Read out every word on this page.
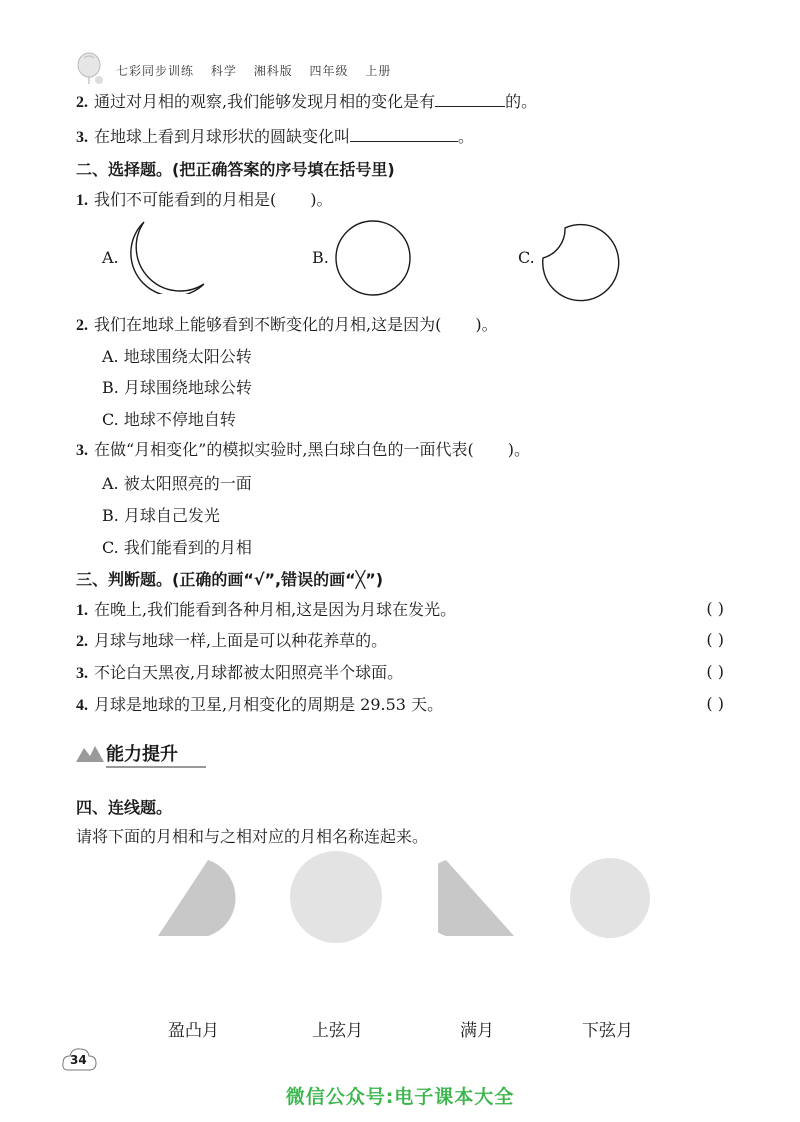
七彩同步训练 科学 湘科版 四年级 上册
2. 通过对月相的观察,我们能够发现月相的变化是有	的。
3. 在地球上看到月球形状的圆缺变化叫	。
二、选择题。(把正确答案的序号填在括号里)
1. 我们不可能看到的月相是( )。
A.	B.	C.
2. 我们在地球上能够看到不断变化的月相,这是因为( )。
A. 地球围绕太阳公转
B. 月球围绕地球公转
C. 地球不停地自转
3. 在做“月相变化”的模拟实验时,黑白球白色的一面代表( )。
A. 被太阳照亮的一面
B. 月球自己发光
C. 我们能看到的月相
三、判断题。(正确的画“√”,错误的画“╳”)
1. 在晚上,我们能看到各种月相,这是因为月球在发光。	( )
2. 月球与地球一样,上面是可以种花养草的。	( )
3. 不论白天黑夜,月球都被太阳照亮半个球面。	( )
4. 月球是地球的卫星,月相变化的周期是 29.53 天。	( )
能力提升
四、连线题。
请将下面的月相和与之相对应的月相名称连起来。
盈凸月	上弦月	满月	下弦月
34
微信公众号:电子课本大全
